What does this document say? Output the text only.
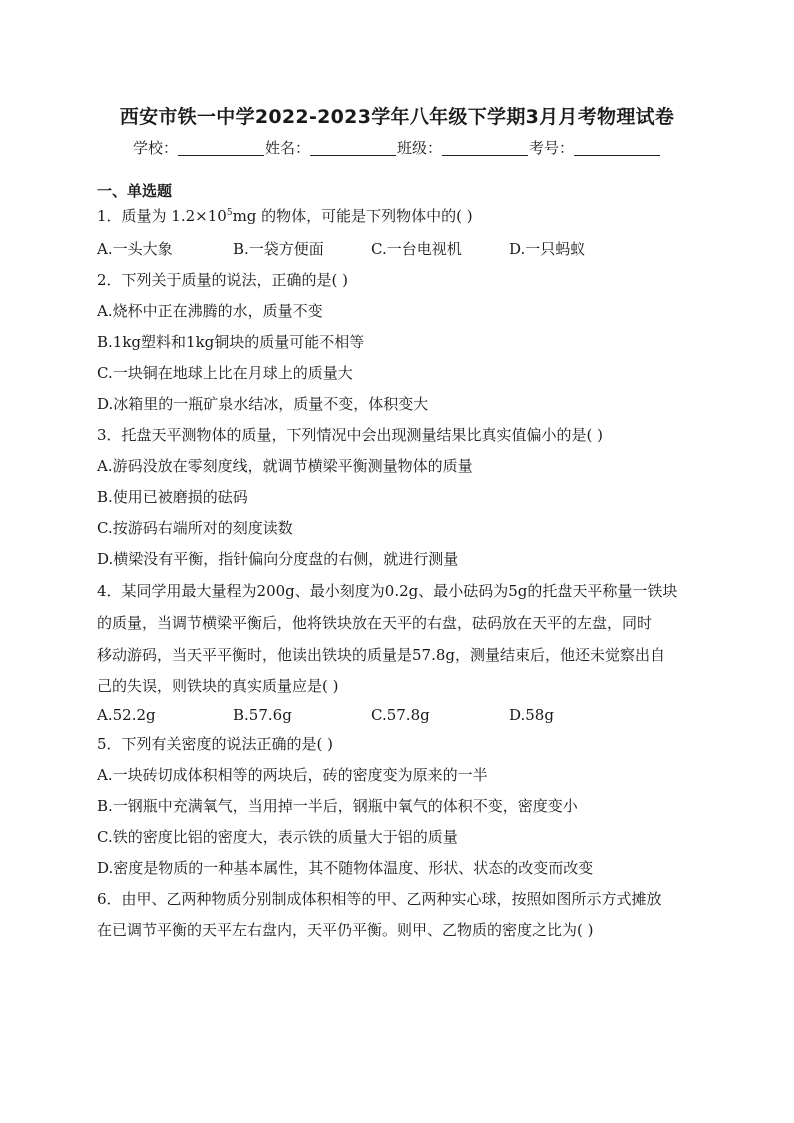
西安市铁一中学2022-2023学年八年级下学期3月月考物理试卷
学校：	姓名：	班级：	考号：
一、单选题
1．质量为 $1.2\times 10^5mg$ 的物体，可能是下列物体中的( )
A.一头大象	B.一袋方便面	C.一台电视机	D.一只蚂蚁
2．下列关于质量的说法，正确的是( )
A.烧杯中正在沸腾的水，质量不变
B.1kg塑料和1kg铜块的质量可能不相等
C.一块铜在地球上比在月球上的质量大
D.冰箱里的一瓶矿泉水结冰，质量不变，体积变大
3．托盘天平测物体的质量，下列情况中会出现测量结果比真实值偏小的是( )
A.游码没放在零刻度线，就调节横梁平衡测量物体的质量
B.使用已被磨损的砝码
C.按游码右端所对的刻度读数
D.横梁没有平衡，指针偏向分度盘的右侧，就进行测量
4．某同学用最大量程为200g、最小刻度为0.2g、最小砝码为5g的托盘天平称量一铁块
的质量，当调节横梁平衡后，他将铁块放在天平的右盘，砝码放在天平的左盘，同时
移动游码，当天平平衡时，他读出铁块的质量是57.8g，测量结束后，他还未觉察出自
己的失误，则铁块的真实质量应是( )
A.52.2g	B.57.6g	C.57.8g	D.58g
5．下列有关密度的说法正确的是( )
A.一块砖切成体积相等的两块后，砖的密度变为原来的一半
B.一钢瓶中充满氧气，当用掉一半后，钢瓶中氧气的体积不变，密度变小
C.铁的密度比铝的密度大，表示铁的质量大于铝的质量
D.密度是物质的一种基本属性，其不随物体温度、形状、状态的改变而改变
6．由甲、乙两种物质分别制成体积相等的甲、乙两种实心球，按照如图所示方式摊放
在已调节平衡的天平左右盘内，天平仍平衡。则甲、乙物质的密度之比为( )
